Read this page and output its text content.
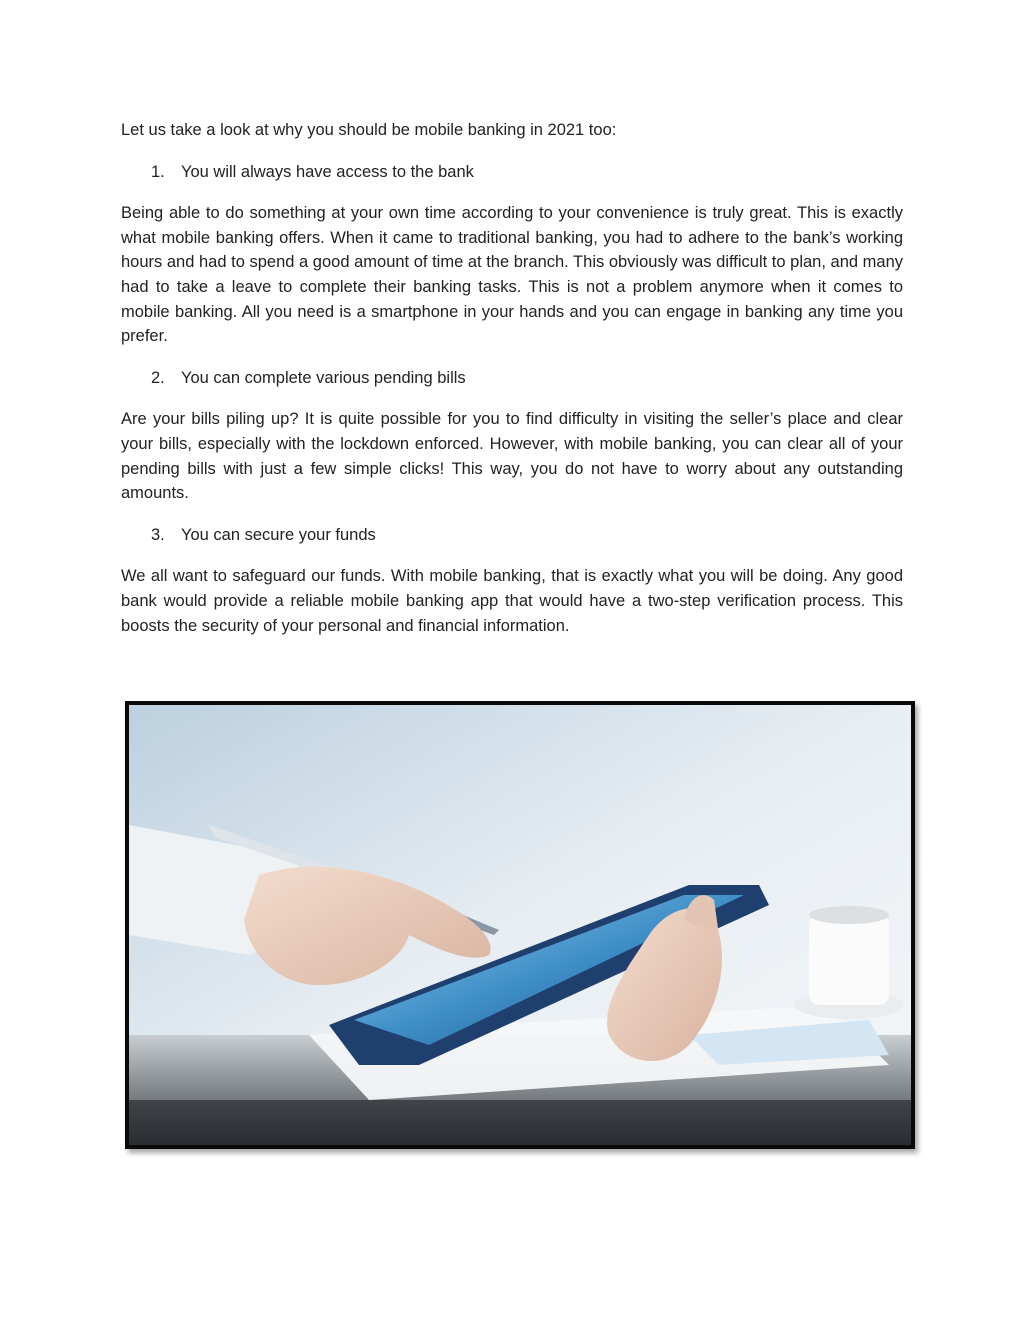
Let us take a look at why you should be mobile banking in 2021 too:

1. You will always have access to the bank

Being able to do something at your own time according to your convenience is truly great. This is exactly what mobile banking offers. When it came to traditional banking, you had to adhere to the bank’s working hours and had to spend a good amount of time at the branch. This obviously was difficult to plan, and many had to take a leave to complete their banking tasks. This is not a problem anymore when it comes to mobile banking. All you need is a smartphone in your hands and you can engage in banking any time you prefer.

2. You can complete various pending bills

Are your bills piling up? It is quite possible for you to find difficulty in visiting the seller’s place and clear your bills, especially with the lockdown enforced. However, with mobile banking, you can clear all of your pending bills with just a few simple clicks! This way, you do not have to worry about any outstanding amounts.

3. You can secure your funds

We all want to safeguard our funds. With mobile banking, that is exactly what you will be doing. Any good bank would provide a reliable mobile banking app that would have a two-step verification process. This boosts the security of your personal and financial information.
